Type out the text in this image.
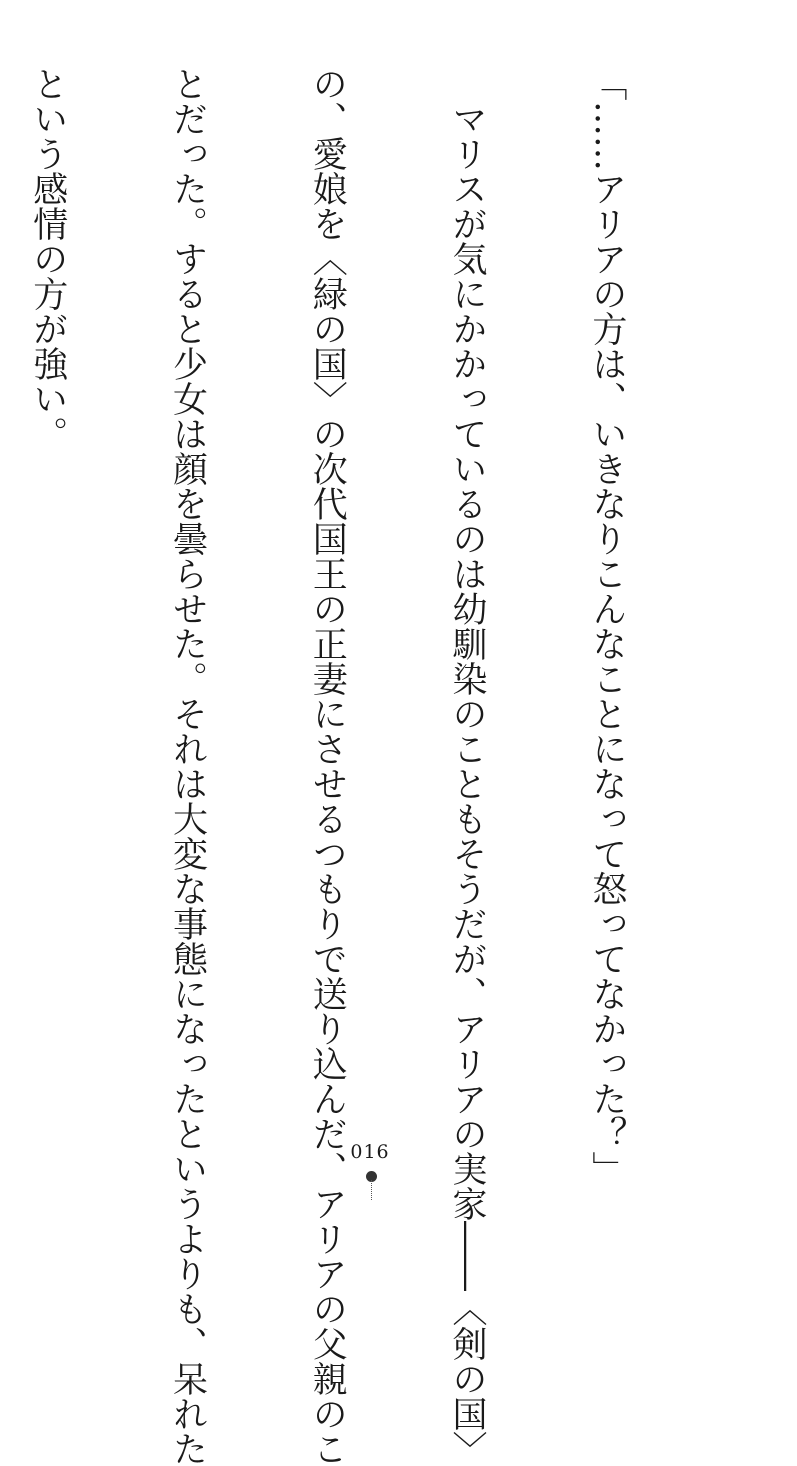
「……アリアの方は、いきなりこんなことになって怒ってなかった？」

　マリスが気にかかっているのは幼馴染のこともそうだが、アリアの実家――〈剣の国〉

の、愛娘を〈緑の国〉の次代国王の正妻にさせるつもりで送り込んだ、アリアの父親のこ

とだった。すると少女は顔を曇らせた。それは大変な事態になったというよりも、呆れた

という感情の方が強い。

016
